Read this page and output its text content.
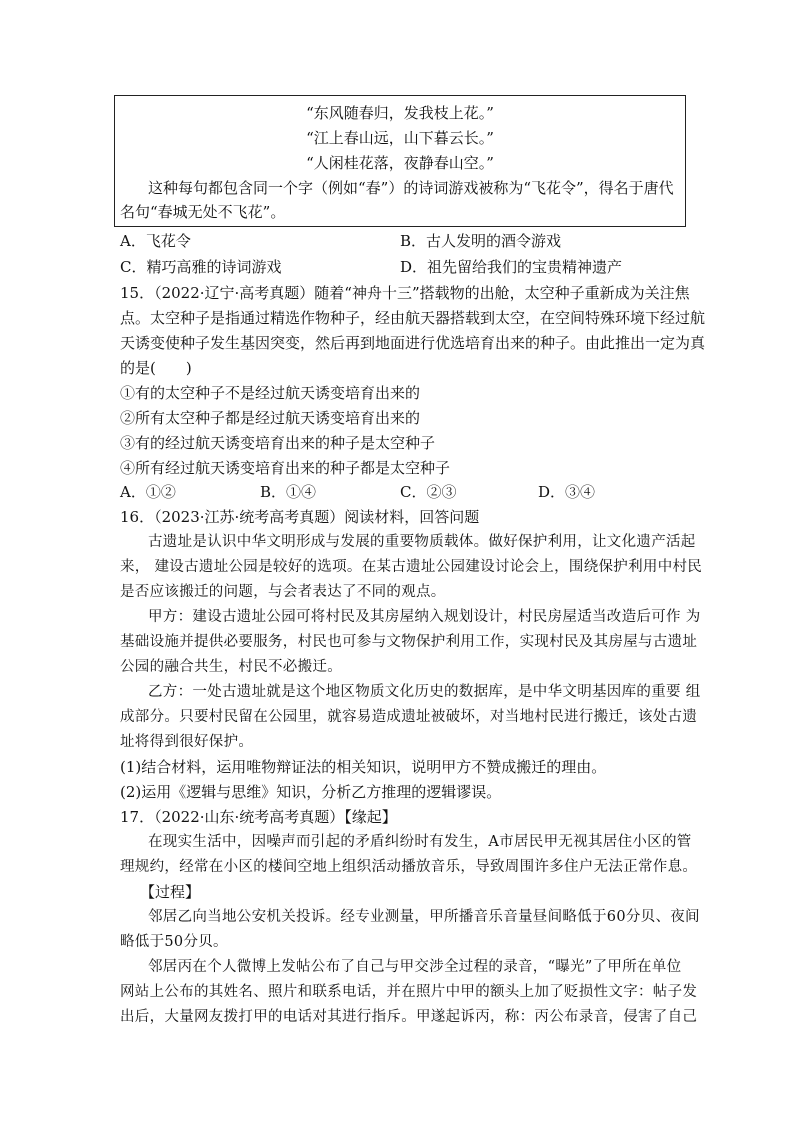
“东风随春归，发我枝上花。”
“江上春山远，山下暮云长。”
“人闲桂花落，夜静春山空。”
这种每句都包含同一个字（例如“春”）的诗词游戏被称为“飞花令”，得名于唐代
名句“春城无处不飞花”。
A．飞花令	B．古人发明的酒令游戏
C．精巧高雅的诗词游戏	D．祖先留给我们的宝贵精神遗产
15．（2022·辽宁·高考真题）随着“神舟十三”搭载物的出舱，太空种子重新成为关注焦
点。太空种子是指通过精选作物种子，经由航天器搭载到太空，在空间特殊环境下经过航
天诱变使种子发生基因突变，然后再到地面进行优选培育出来的种子。由此推出一定为真
的是(　　)
①有的太空种子不是经过航天诱变培育出来的
②所有太空种子都是经过航天诱变培育出来的
③有的经过航天诱变培育出来的种子是太空种子
④所有经过航天诱变培育出来的种子都是太空种子
A．①②	B．①④	C．②③	D．③④
16．（2023·江苏·统考高考真题）阅读材料，回答问题
古遗址是认识中华文明形成与发展的重要物质载体。做好保护利用，让文化遗产活起
来， 建设古遗址公园是较好的选项。在某古遗址公园建设讨论会上，围绕保护利用中村民
是否应该搬迁的问题，与会者表达了不同的观点。
甲方：建设古遗址公园可将村民及其房屋纳入规划设计，村民房屋适当改造后可作 为
基础设施并提供必要服务，村民也可参与文物保护利用工作，实现村民及其房屋与古遗址
公园的融合共生，村民不必搬迁。
乙方：一处古遗址就是这个地区物质文化历史的数据库，是中华文明基因库的重要 组
成部分。只要村民留在公园里，就容易造成遗址被破坏，对当地村民进行搬迁，该处古遗
址将得到很好保护。
(1)结合材料，运用唯物辩证法的相关知识，说明甲方不赞成搬迁的理由。
(2)运用《逻辑与思维》知识，分析乙方推理的逻辑谬误。
17．（2022·山东·统考高考真题）【缘起】
在现实生活中，因噪声而引起的矛盾纠纷时有发生，A市居民甲无视其居住小区的管
理规约，经常在小区的楼间空地上组织活动播放音乐，导致周围许多住户无法正常作息。
【过程】
邻居乙向当地公安机关投诉。经专业测量，甲所播音乐音量昼间略低于60分贝、夜间
略低于50分贝。
邻居丙在个人微博上发帖公布了自己与甲交涉全过程的录音，“曝光”了甲所在单位
网站上公布的其姓名、照片和联系电话，并在照片中甲的额头上加了贬损性文字：帖子发
出后，大量网友拨打甲的电话对其进行指斥。甲遂起诉丙，称：丙公布录音，侵害了自己
